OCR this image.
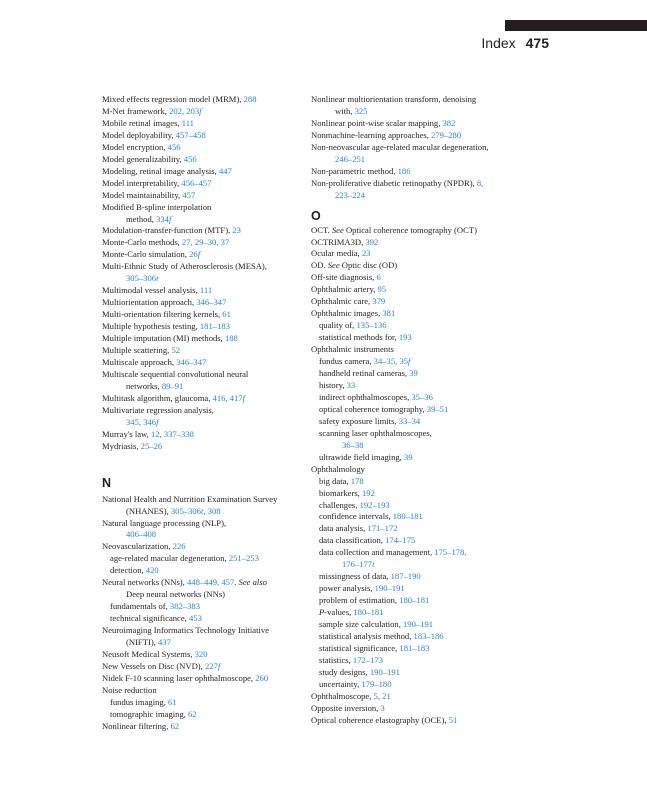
Index 475
Mixed effects regression model (MRM), 288
M-Net framework, 202, 203f
Mobile retinal images, 111
Model deployability, 457–458
Model encryption, 456
Model generalizability, 456
Modeling, retinal image analysis, 447
Model interpretability, 456–457
Model maintainability, 457
Modified B-spline interpolation
method, 334f
Modulation-transfer-function (MTF), 23
Monte-Carlo methods, 27, 29–30, 37
Monte-Carlo simulation, 26f
Multi-Ethnic Study of Atherosclerosis (MESA),
305–306t
Multimodal vessel analysis, 111
Multiorientation approach, 346–347
Multi-orientation filtering kernels, 61
Multiple hypothesis testing, 181–183
Multiple imputation (MI) methods, 188
Multiple scattering, 52
Multiscale approach, 346–347
Multiscale sequential convolutional neural
networks, 89–91
Multitask algorithm, glaucoma, 416, 417f
Multivariate regression analysis,
345, 346f
Murray's law, 12, 337–338
Mydriasis, 25–26
N
National Health and Nutrition Examination Survey
(NHANES), 305–306t, 308
Natural language processing (NLP),
406–408
Neovascularization, 226
age-related macular degeneration, 251–253
detection, 420
Neural networks (NNs), 448–449, 457. See also
Deep neural networks (NNs)
fundamentals of, 382–383
technical significance, 453
Neuroimaging Informatics Technology Initiative
(NIFTI), 437
Neusoft Medical Systems, 320
New Vessels on Disc (NVD), 227f
Nidek F-10 scanning laser ophthalmoscope, 260
Noise reduction
fundus imaging, 61
tomographic imaging, 62
Nonlinear filtering, 62
Nonlinear multiorientation transform, denoising
with, 325
Nonlinear point-wise scalar mapping, 382
Nonmachine-learning approaches, 279–280
Non-neovascular age-related macular degeneration,
246–251
Non-parametric method, 186
Non-proliferative diabetic retinopathy (NPDR), 8,
223–224
O
OCT. See Optical coherence tomography (OCT)
OCTRIMA3D, 392
Ocular media, 23
OD. See Optic disc (OD)
Off-site diagnosis, 6
Ophthalmic artery, 95
Ophthalmic care, 379
Ophthalmic images, 381
quality of, 135–136
statistical methods for, 193
Ophthalmic instruments
fundus camera, 34–35, 35f
handheld retinal cameras, 39
history, 33
indirect ophthalmoscopes, 35–36
optical coherence tomography, 39–51
safety exposure limits, 33–34
scanning laser ophthalmoscopes,
36–38
ultrawide field imaging, 39
Ophthalmology
big data, 178
biomarkers, 192
challenges, 192–193
confidence intervals, 180–181
data analysis, 171–172
data classification, 174–175
data collection and management, 175–178,
176–177t
missingness of data, 187–190
power analysis, 190–191
problem of estimation, 180–181
P-values, 180–181
sample size calculation, 190–191
statistical analysis method, 183–186
statistical significance, 181–183
statistics, 172–173
study designs, 190–191
uncertainty, 179–180
Ophthalmoscope, 5, 21
Opposite inversion, 3
Optical coherence elastography (OCE), 51
